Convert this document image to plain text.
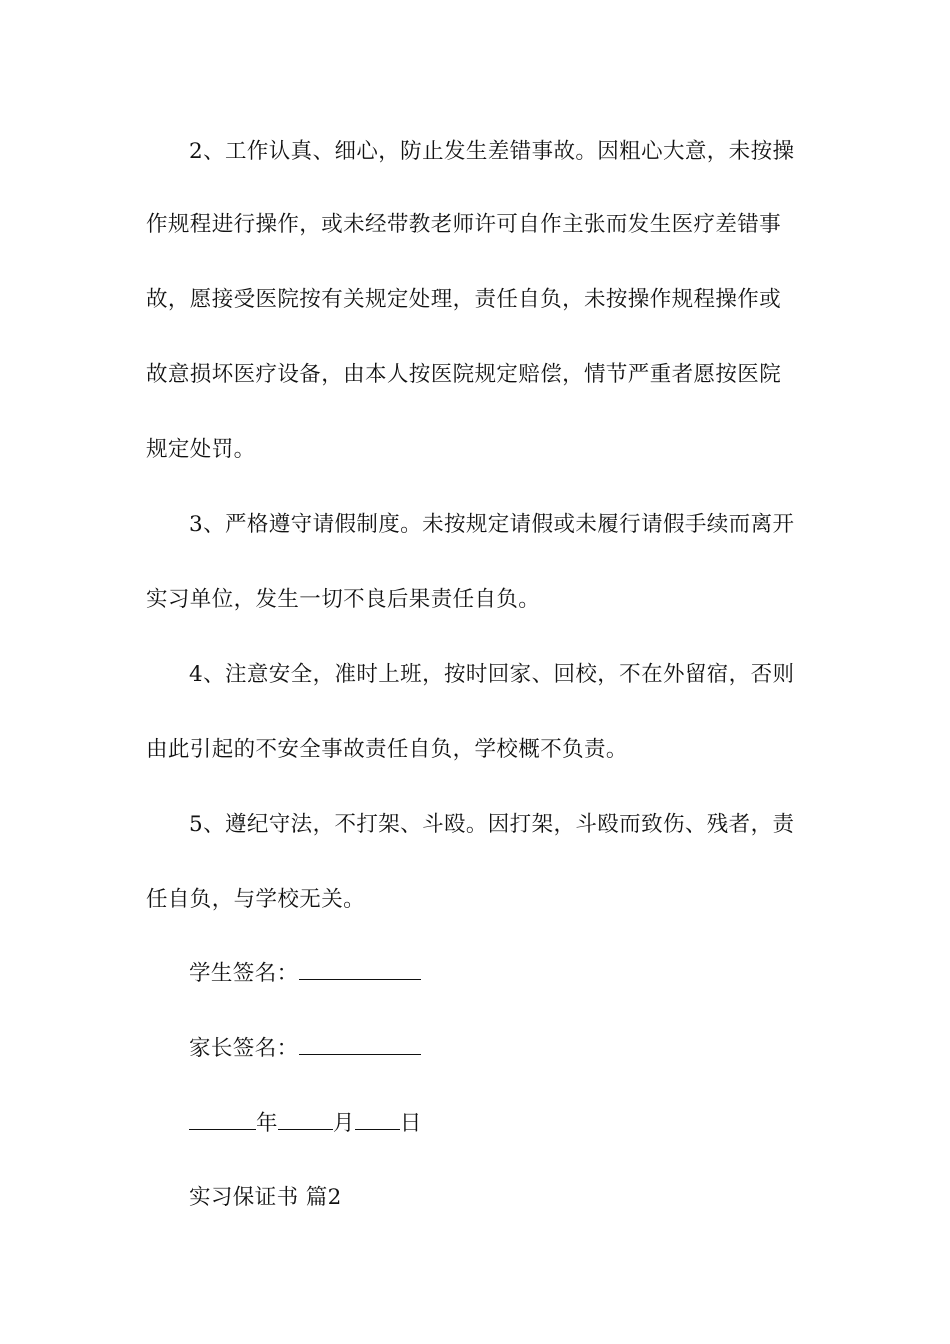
2、工作认真、细心，防止发生差错事故。因粗心大意，未按操
作规程进行操作，或未经带教老师许可自作主张而发生医疗差错事
故，愿接受医院按有关规定处理，责任自负，未按操作规程操作或
故意损坏医疗设备，由本人按医院规定赔偿，情节严重者愿按医院
规定处罚。
3、严格遵守请假制度。未按规定请假或未履行请假手续而离开
实习单位，发生一切不良后果责任自负。
4、注意安全，准时上班，按时回家、回校，不在外留宿，否则
由此引起的不安全事故责任自负，学校概不负责。
5、遵纪守法，不打架、斗殴。因打架，斗殴而致伤、残者，责
任自负，与学校无关。
学生签名：
家长签名：
年	月 日
实习保证书 篇2
